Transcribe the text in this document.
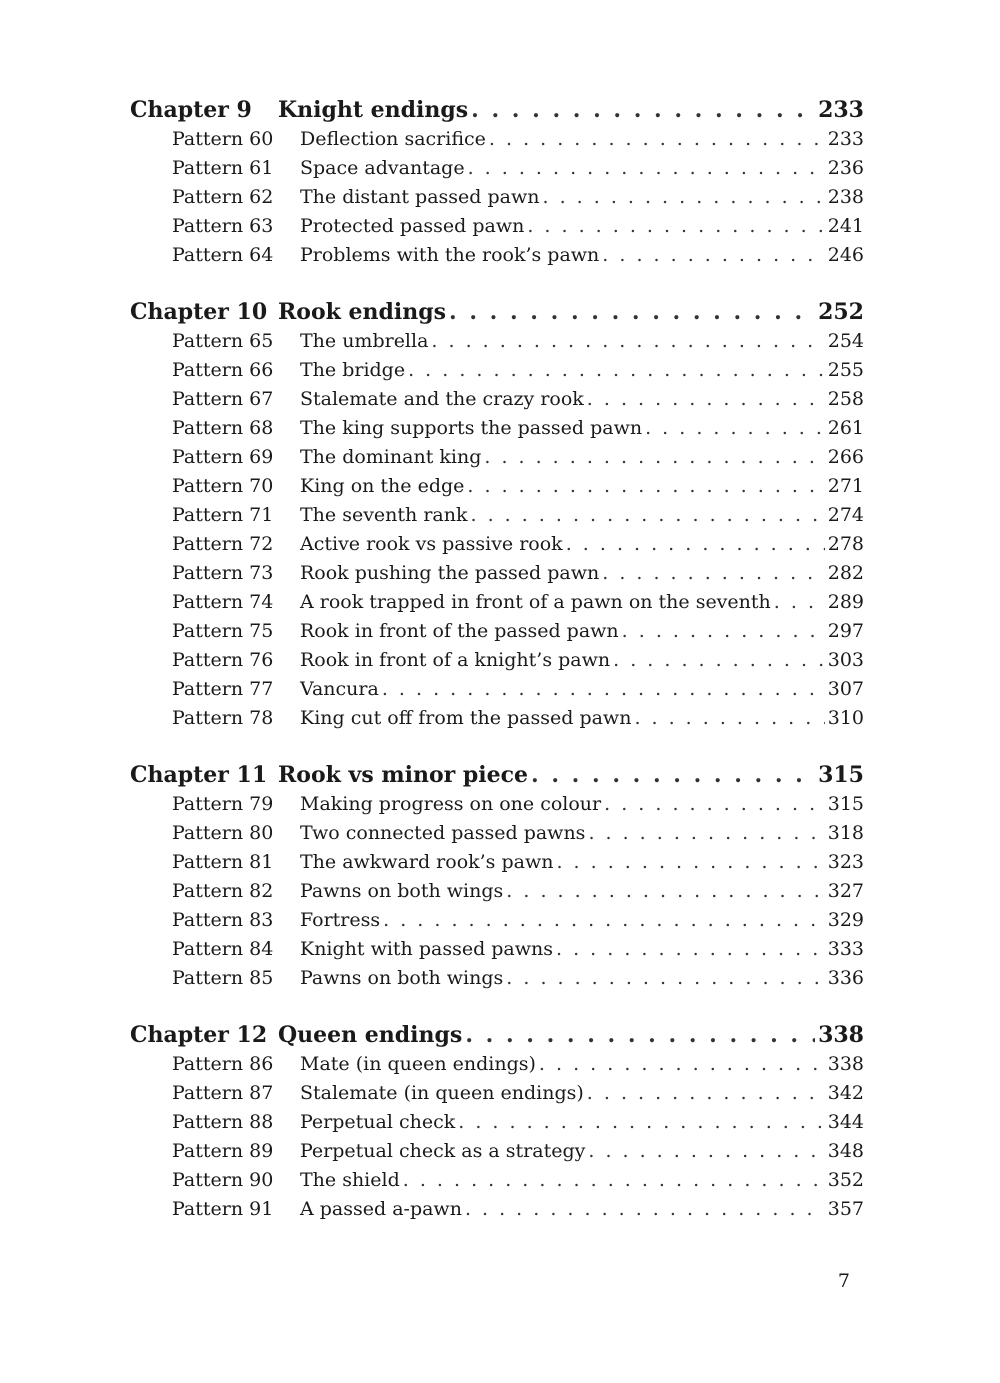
Chapter 9	Knight endings . . .	233
Pattern 60	Deflection sacrifice . . .	233
Pattern 61	Space advantage . . .	236
Pattern 62	The distant passed pawn . . .	238
Pattern 63	Protected passed pawn . . .	241
Pattern 64	Problems with the rook’s pawn . . .	246
Chapter 10 Rook endings . . .	252
Pattern 65	The umbrella . . .	254
Pattern 66	The bridge . . .	255
Pattern 67	Stalemate and the crazy rook . . .	258
Pattern 68	The king supports the passed pawn . . .	261
Pattern 69	The dominant king . . .	266
Pattern 70	King on the edge . . .	271
Pattern 71	The seventh rank . . .	274
Pattern 72	Active rook vs passive rook . . .	278
Pattern 73	Rook pushing the passed pawn . . .	282
Pattern 74	A rook trapped in front of a pawn on the seventh . . .	289
Pattern 75	Rook in front of the passed pawn . . .	297
Pattern 76	Rook in front of a knight’s pawn . . .	303
Pattern 77	Vancura . . .	307
Pattern 78	King cut off from the passed pawn . . .	310
Chapter 11 Rook vs minor piece . . .	315
Pattern 79	Making progress on one colour . . .	315
Pattern 80	Two connected passed pawns . . .	318
Pattern 81	The awkward rook’s pawn . . .	323
Pattern 82	Pawns on both wings . . .	327
Pattern 83	Fortress . . .	329
Pattern 84	Knight with passed pawns . . .	333
Pattern 85	Pawns on both wings . . .	336
Chapter 12 Queen endings . . .	338
Pattern 86	Mate (in queen endings) . . .	338
Pattern 87	Stalemate (in queen endings) . . .	342
Pattern 88	Perpetual check . . .	344
Pattern 89	Perpetual check as a strategy . . .	348
Pattern 90	The shield . . .	352
Pattern 91	A passed a-pawn . . .	357
7
